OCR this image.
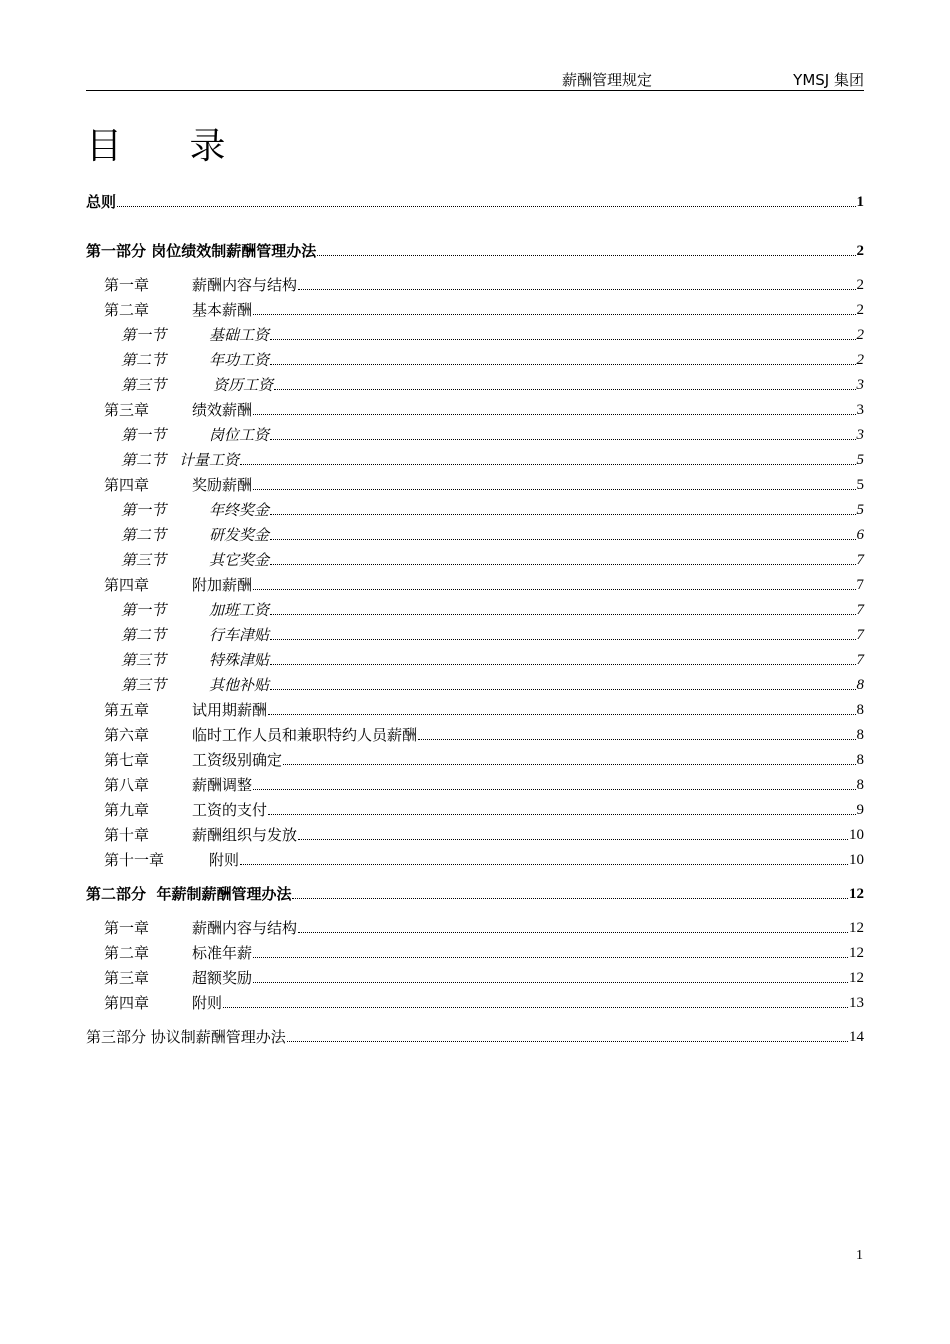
薪酬管理规定	YMSJ 集团
目 录
总则	1
第一部分 岗位绩效制薪酬管理办法	2
第一章	薪酬内容与结构	2
第二章	基本薪酬	2
第一节	基础工资	2
第二节	年功工资	2
第三节	资历工资	3
第三章	绩效薪酬	3
第一节	岗位工资	3
第二节 计量工资	5
第四章	奖励薪酬	5
第一节	年终奖金	5
第二节	研发奖金	6
第三节	其它奖金	7
第四章	附加薪酬	7
第一节	加班工资	7
第二节	行车津贴	7
第三节	特殊津贴	7
第三节	其他补贴	8
第五章	试用期薪酬	8
第六章	临时工作人员和兼职特约人员薪酬	8
第七章	工资级别确定	8
第八章	薪酬调整	8
第九章	工资的支付	9
第十章	薪酬组织与发放	10
第十一章	附则	10
第二部分  年薪制薪酬管理办法	12
第一章	薪酬内容与结构	12
第二章	标准年薪	12
第三章	超额奖励	12
第四章	附则	13
第三部分 协议制薪酬管理办法	14
1
